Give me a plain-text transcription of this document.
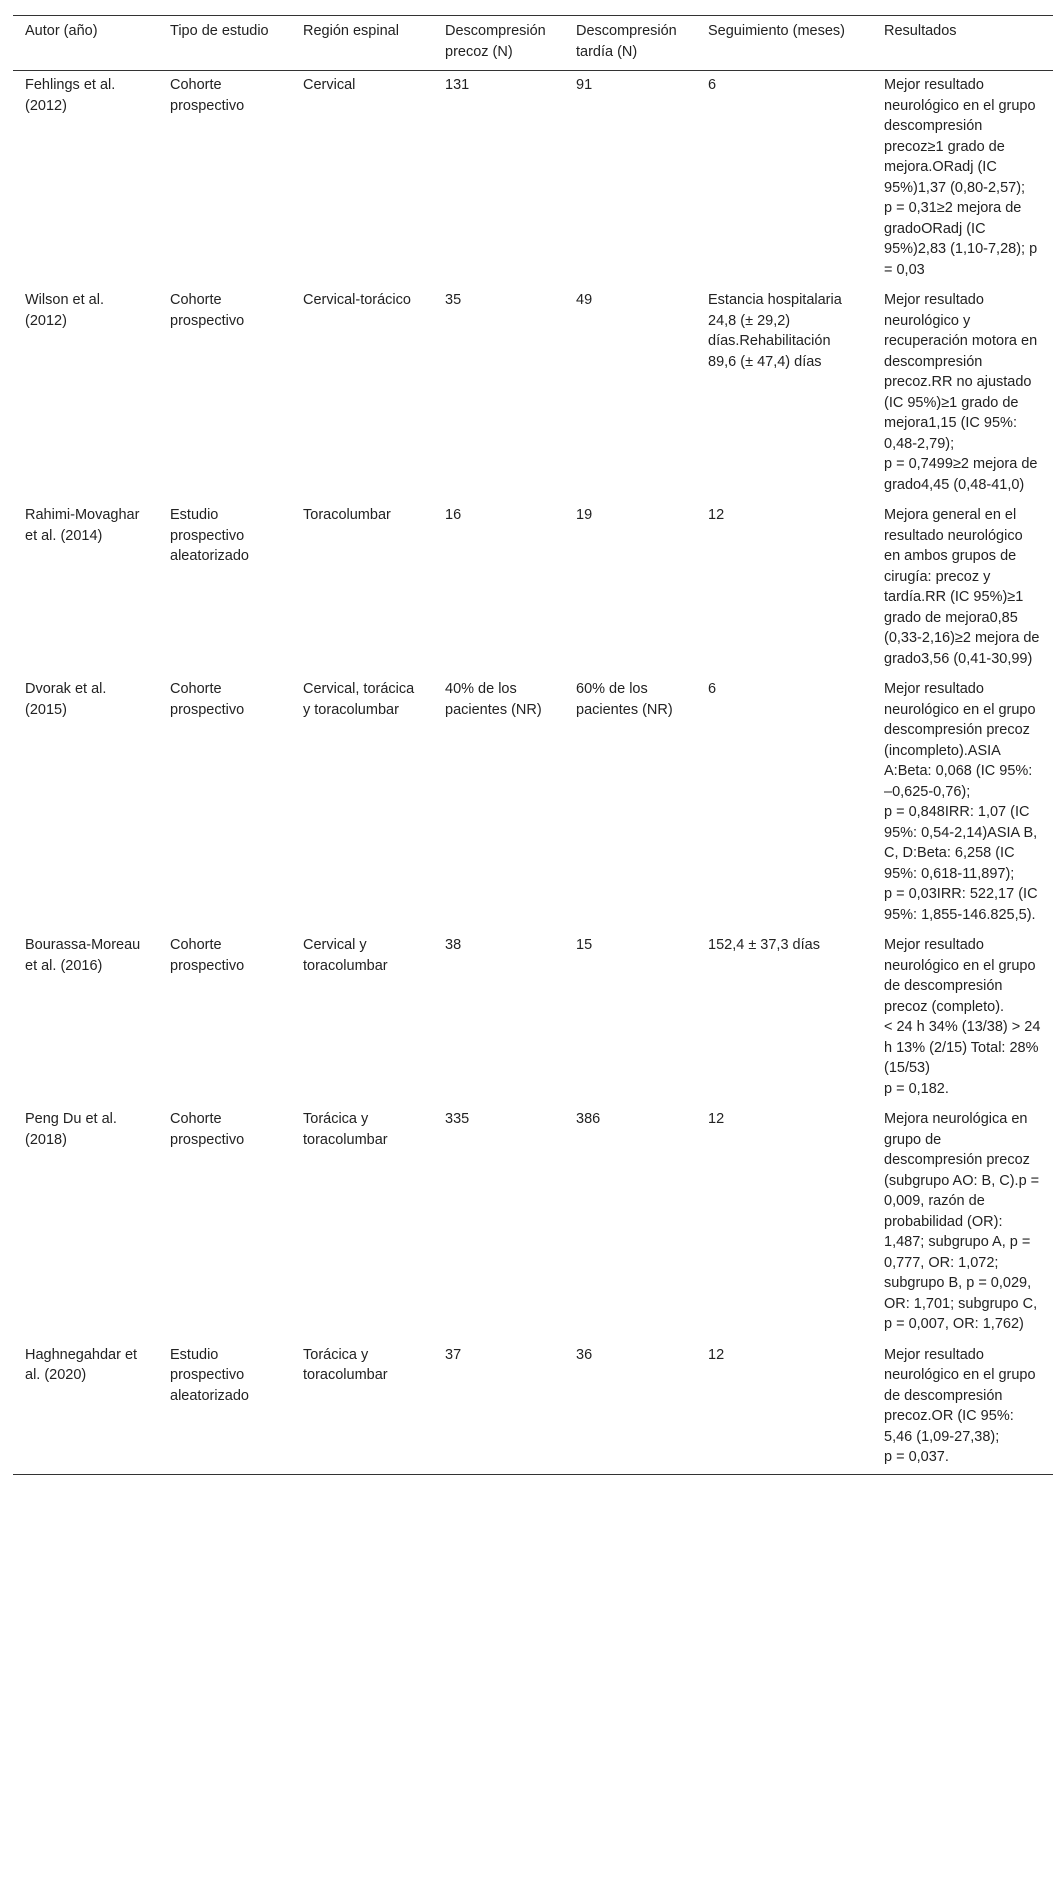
Autor (año)	Tipo de estudio	Región espinal	Descompresión precoz (N)	Descompresión tardía (N)	Seguimiento (meses)	Resultados
Fehlings et al. (2012)	Cohorte prospectivo	Cervical	131	91	6	Mejor resultado neurológico en el grupo descompresión precoz≥1 grado de mejora.ORadj (IC 95%)1,37 (0,80-2,57);
p = 0,31≥2 mejora de gradoORadj (IC 95%)2,83 (1,10-7,28); p = 0,03

Wilson et al. (2012)	Cohorte prospectivo	Cervical-torácico	35	49	Estancia hospitalaria 24,8 (± 29,2) días.Rehabilitación 89,6 (± 47,4) días	Mejor resultado neurológico y recuperación motora en descompresión precoz.RR no ajustado (IC 95%)≥1 grado de mejora1,15 (IC 95%: 0,48-2,79);
p = 0,7499≥2 mejora de grado4,45 (0,48-41,0)

Rahimi-Movaghar et al. (2014)	Estudio prospectivo aleatorizado	Toracolumbar	16	19	12	Mejora general en el resultado neurológico en ambos grupos de cirugía: precoz y tardía.RR (IC 95%)≥1 grado de mejora0,85 (0,33-2,16)≥2 mejora de grado3,56 (0,41-30,99)

Dvorak et al. (2015)	Cohorte prospectivo	Cervical, torácica y toracolumbar	40% de los pacientes (NR)	60% de los pacientes (NR)	6	Mejor resultado neurológico en el grupo descompresión precoz (incompleto).ASIA A:Beta: 0,068 (IC 95%: –0,625-0,76);
p = 0,848IRR: 1,07 (IC 95%: 0,54-2,14)ASIA B, C, D:Beta: 6,258 (IC 95%: 0,618-11,897);
p = 0,03IRR: 522,17 (IC 95%: 1,855-146.825,5).

Bourassa-Moreau et al. (2016)	Cohorte prospectivo	Cervical y toracolumbar	38	15	152,4 ± 37,3 días	Mejor resultado neurológico en el grupo de descompresión precoz (completo).
< 24 h 34% (13/38) > 24 h 13% (2/15) Total: 28% (15/53)
p = 0,182.

Peng Du et al. (2018)	Cohorte prospectivo	Torácica y toracolumbar	335	386	12	Mejora neurológica en grupo de descompresión precoz (subgrupo AO: B, C).p = 0,009, razón de probabilidad (OR): 1,487; subgrupo A, p = 0,777, OR: 1,072; subgrupo B, p = 0,029, OR: 1,701; subgrupo C, p = 0,007, OR: 1,762)

Haghnegahdar et al. (2020)	Estudio prospectivo aleatorizado	Torácica y toracolumbar	37	36	12	Mejor resultado neurológico en el grupo de descompresión precoz.OR (IC 95%: 5,46 (1,09-27,38);
p = 0,037.
